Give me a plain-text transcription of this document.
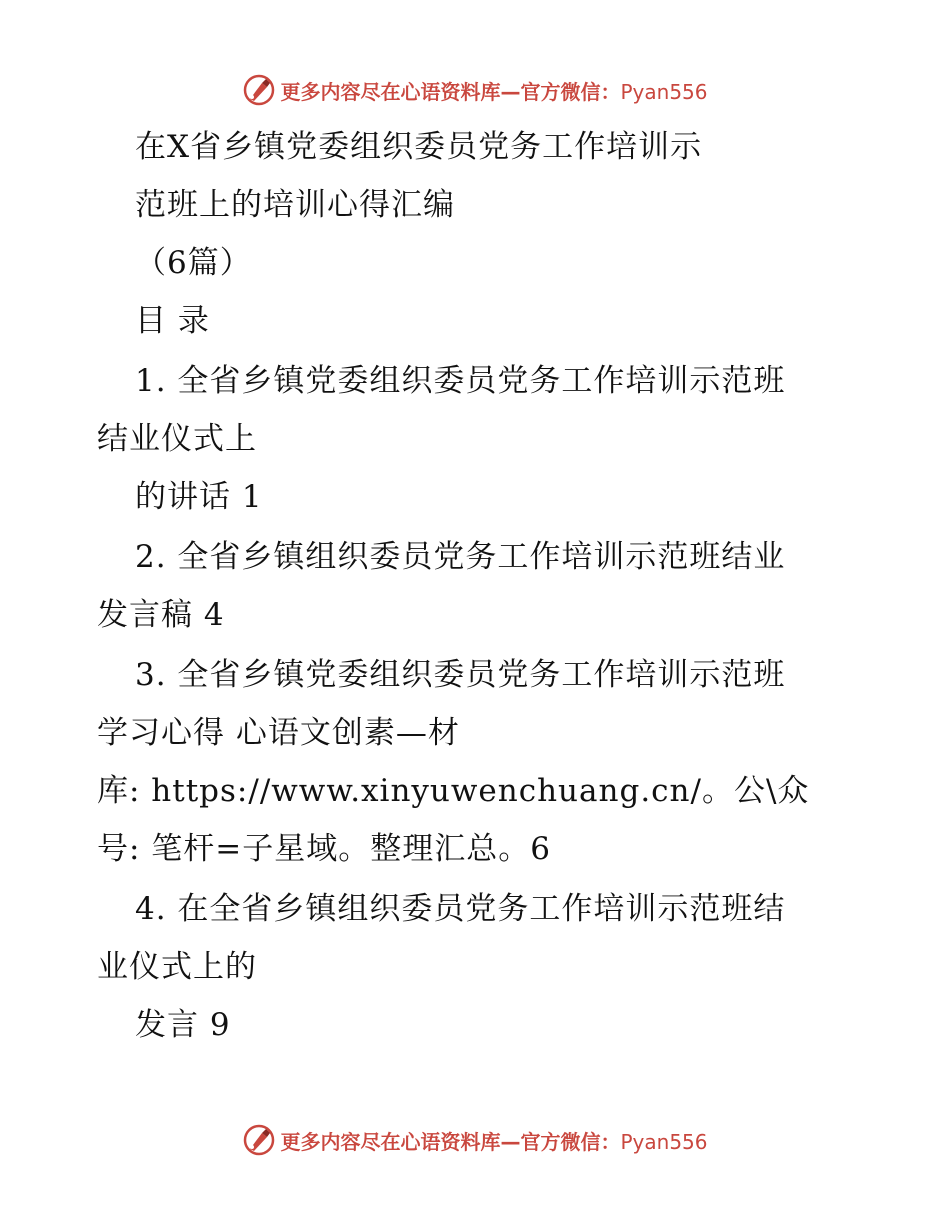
更多内容尽在心语资料库—官方微信：Pyan556
在X省乡镇党委组织委员党务工作培训示
范班上的培训心得汇编
（6篇）
目 录
1. 全省乡镇党委组织委员党务工作培训示范班
结业仪式上
的讲话 1
2. 全省乡镇组织委员党务工作培训示范班结业
发言稿 4
3. 全省乡镇党委组织委员党务工作培训示范班
学习心得 心语文创素—材
库: https://www.xinyuwenchuang.cn/。公\众
号: 笔杆=子星域。整理汇总。6
4. 在全省乡镇组织委员党务工作培训示范班结
业仪式上的
发言 9
更多内容尽在心语资料库—官方微信：Pyan556
